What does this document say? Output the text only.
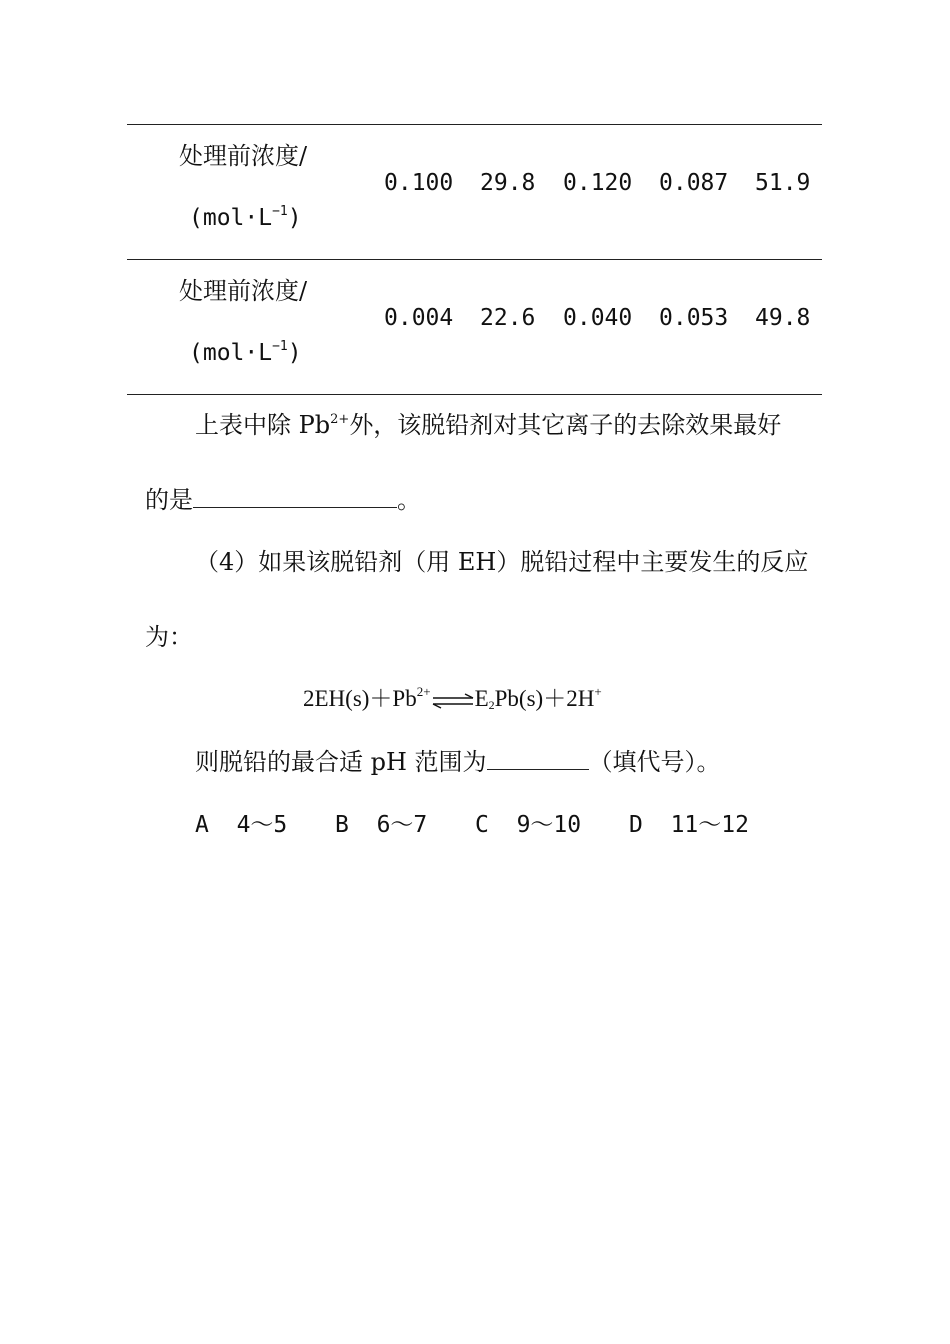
处理前浓度/
$(mol\cdot L^{-1})$
0.100 29.8 0.120 0.087 51.9
处理前浓度/
$(mol\cdot L^{-1})$
0.004 22.6 0.040 0.053 49.8
上表中除 $Pb^{2+}$外，该脱铅剂对其它离子的去除效果最好
的是	。
（4）如果该脱铅剂（用 EH）脱铅过程中主要发生的反应
为：
$2EH(s)+Pb^{2+}$ $\rightleftharpoons E_2Pb(s)+2H^+$
则脱铅的最合适 pH 范围为	（填代号）。
A 4～5 B 6～7 C 9～10 D 11～12
